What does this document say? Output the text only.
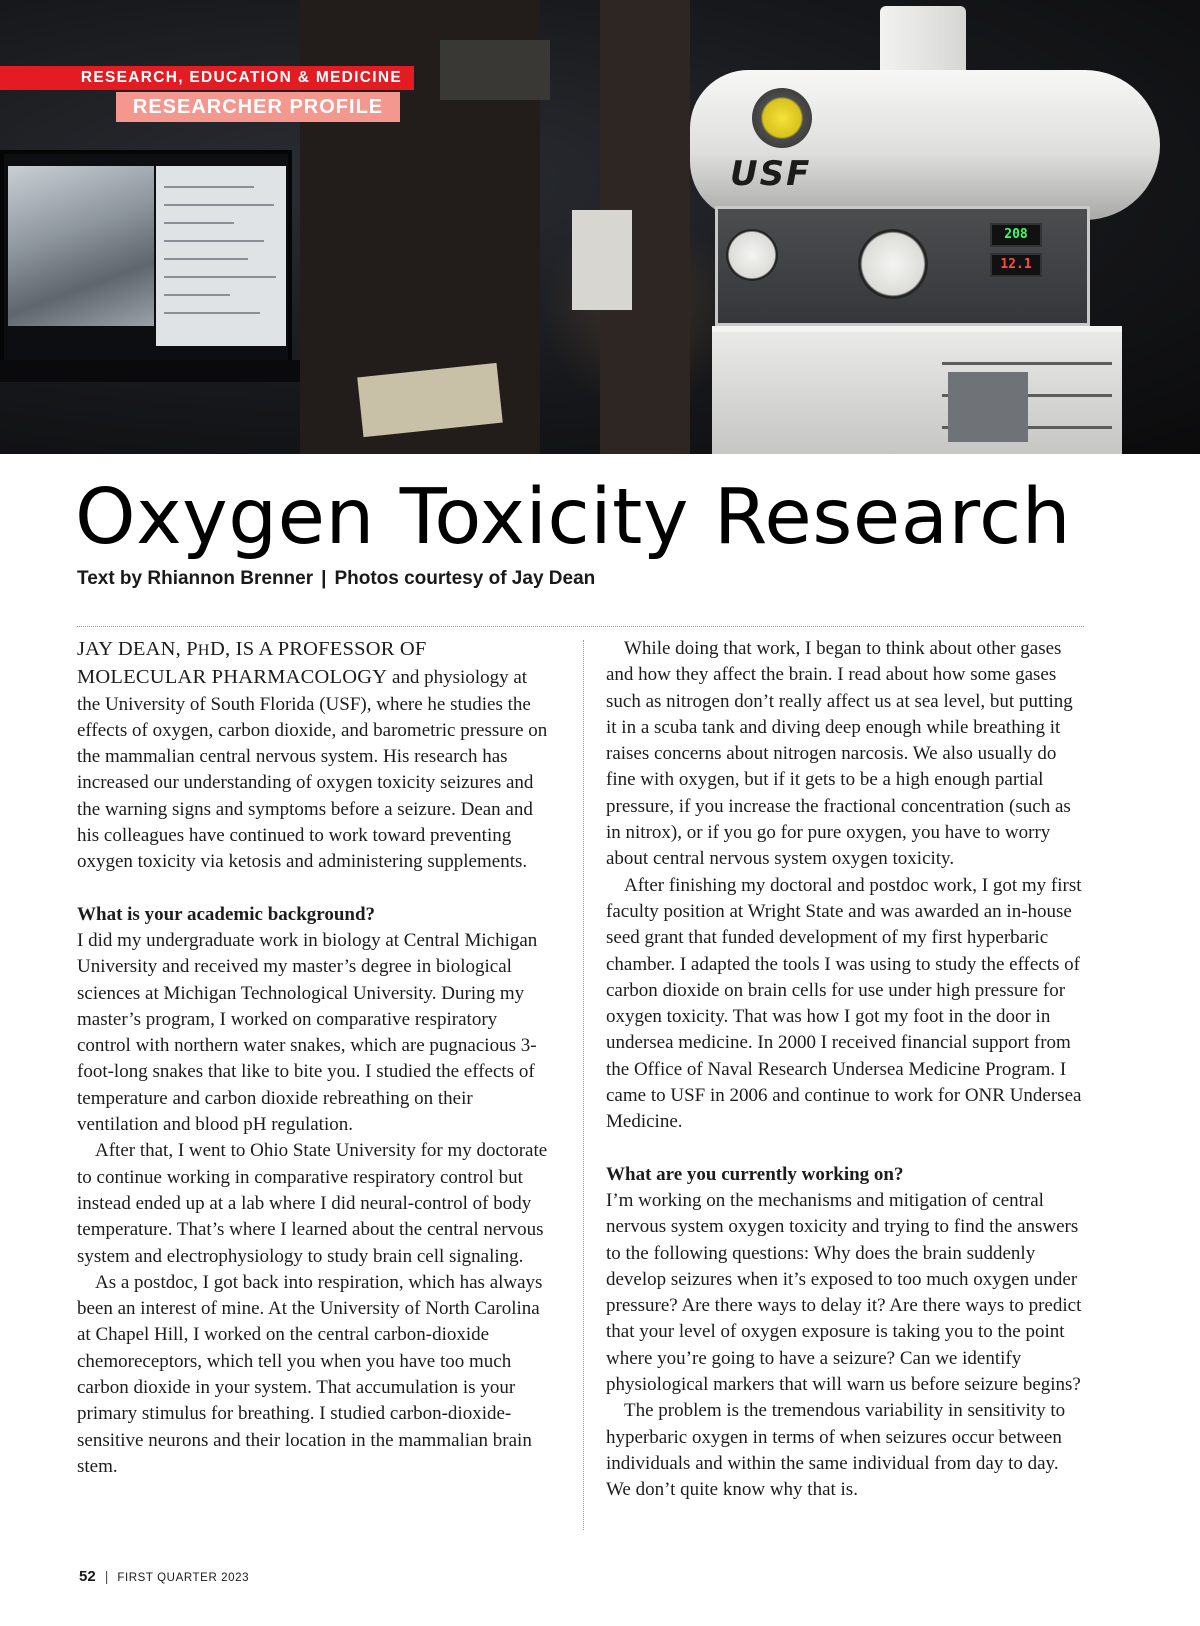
USF
208
12.1
RESEARCH, EDUCATION & MEDICINE
RESEARCHER PROFILE
Oxygen Toxicity Research
Text by Rhiannon Brenner | Photos courtesy of Jay Dean

JAY DEAN, PHD, IS A PROFESSOR OF MOLECULAR PHARMACOLOGY and physiology at the University of South Florida (USF), where he studies the effects of oxygen, carbon dioxide, and barometric pressure on the mammalian central nervous system. His research has increased our understanding of oxygen toxicity seizures and the warning signs and symptoms before a seizure. Dean and his colleagues have continued to work toward preventing oxygen toxicity via ketosis and administering supplements.

What is your academic background?

I did my undergraduate work in biology at Central Michigan University and received my master’s degree in biological sciences at Michigan Technological University. During my master’s program, I worked on comparative respiratory control with northern water snakes, which are pugnacious 3-foot-long snakes that like to bite you. I studied the effects of temperature and carbon dioxide rebreathing on their ventilation and blood pH regulation.

After that, I went to Ohio State University for my doctorate to continue working in comparative respiratory control but instead ended up at a lab where I did neural-control of body temperature. That’s where I learned about the central nervous system and electrophysiology to study brain cell signaling.

As a postdoc, I got back into respiration, which has always been an interest of mine. At the University of North Carolina at Chapel Hill, I worked on the central carbon-dioxide chemoreceptors, which tell you when you have too much carbon dioxide in your system. That accumulation is your primary stimulus for breathing. I studied carbon-dioxide-sensitive neurons and their location in the mammalian brain stem.

While doing that work, I began to think about other gases and how they affect the brain. I read about how some gases such as nitrogen don’t really affect us at sea level, but putting it in a scuba tank and diving deep enough while breathing it raises concerns about nitrogen narcosis. We also usually do fine with oxygen, but if it gets to be a high enough partial pressure, if you increase the fractional concentration (such as in nitrox), or if you go for pure oxygen, you have to worry about central nervous system oxygen toxicity.

After finishing my doctoral and postdoc work, I got my first faculty position at Wright State and was awarded an in-house seed grant that funded development of my first hyperbaric chamber. I adapted the tools I was using to study the effects of carbon dioxide on brain cells for use under high pressure for oxygen toxicity. That was how I got my foot in the door in undersea medicine. In 2000 I received financial support from the Office of Naval Research Undersea Medicine Program. I came to USF in 2006 and continue to work for ONR Undersea Medicine.

What are you currently working on?

I’m working on the mechanisms and mitigation of central nervous system oxygen toxicity and trying to find the answers to the following questions: Why does the brain suddenly develop seizures when it’s exposed to too much oxygen under pressure? Are there ways to delay it? Are there ways to predict that your level of oxygen exposure is taking you to the point where you’re going to have a seizure? Can we identify physiological markers that will warn us before seizure begins?

The problem is the tremendous variability in sensitivity to hyperbaric oxygen in terms of when seizures occur between individuals and within the same individual from day to day. We don’t quite know why that is.

52 | FIRST QUARTER 2023
